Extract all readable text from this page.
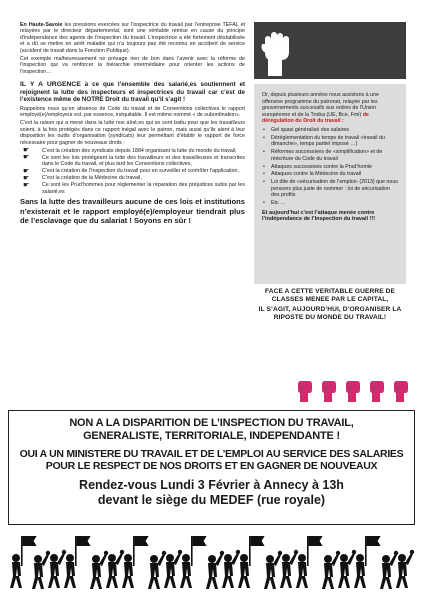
En Haute-Savoie les pressions exercées sur l’inspectrice du travail par l’entreprise TEFAL et relayées par le directeur départemental, sont une véritable remise en cause du principe d’indépendance des agents de l’inspection du travail. L’inspectrice a été fortement déstabilisée et a dû se mettre en arrêt maladie qui n’a toujours pas été reconnu en accident de service (accident de travail dans la Fonction Publique).

Cet exemple malheureusement ne présage rien de bon dans l’avenir avec la réforme de l’inspection qui va renforcer la hiérarchie intermédiaire pour orienter les actions de l’inspection…

IL Y A URGENCE à ce que l’ensemble des salarié,es soutiennent et rejoignent la lutte des inspecteurs et inspectrices du travail car c’est de l’existence même de NOTRE Droit du travail qu’il s’agit !

Rappelons nous qu’en absence de Code du travail et de Conventions collectives le rapport employé(e)/employeur est, par essence, inéquitable. Il est même nommé « de subordination».

C’est la raison qui a mené dans la lutte nos aîné,es qui se sont battu pour que les travailleurs soient, à la fois protégés dans ce rapport inégal avec le patron, mais aussi qu’ils aient à leur disposition les outils d’organisation (syndicats) leur permettant d’établir le rapport de force nécessaire pour gagner de nouveaux droits :

☛ C’est la création des syndicats depuis 1884 organisant la lutte du monde du travail,
☛ Ce sont les lois protégeant la lutte des travailleurs et des travailleuses et transcrites dans le Code du travail, et plus tard les Conventions collectives,
☛ C’est la création de l’Inspection du travail pour en surveiller et contrôler l’application,
☛ C’est la création de la Médecine du travail,
☛ Ce sont les Prud’hommes pour réglementer la réparation des préjudices subis par les salarié,es

Sans la lutte des travailleurs aucune de ces lois et institutions n’existerait et le rapport employé(e)/employeur tiendrait plus de l’esclavage que du salariat ! Soyons en sûr !

Or, depuis plusieurs années nous assistons à une offensive programme du patronat, relayée par les gouvernements successifs aux ordres de l’Union européenne et de la Troika (UE, Bce, Fmi) de dérégulation du Droit du travail :

• Gel quasi généralisé des salaires
• Déréglementation du temps de travail «travail du dimanche», temps partiel imposé …)
• Réformes successives de «simplification» et de réécriture du Code du travail
• Attaques successives contre la Prud’homie
• Attaques contre la Médecine du travail
• Loi dite de «sécurisation de l’emploi» (2013) que nous pensons plus juste de nommer : loi de sécurisation des profits
• Etc …

Et aujourd’hui c’est l’attaque menée contre l’indépendance de l’Inspection du travail !!!

FACE A CETTE VERITABLE GUERRE DE CLASSES MENEE PAR LE CAPITAL,

IL S’AGIT, AUJOURD’HUI, D’ORGANISER LA RIPOSTE DU MONDE DU TRAVAIL!

NON A LA DISPARITION DE L’INSPECTION DU TRAVAIL,
GENERALISTE, TERRITORIALE, INDEPENDANTE !
OUI A UN MINISTERE DU TRAVAIL ET DE L’EMPLOI AU SERVICE DES SALARIES
POUR LE RESPECT DE NOS DROITS ET EN GAGNER DE NOUVEAUX
Rendez-vous Lundi 3 Février à Annecy à 13h
devant le siège du MEDEF (rue royale)
